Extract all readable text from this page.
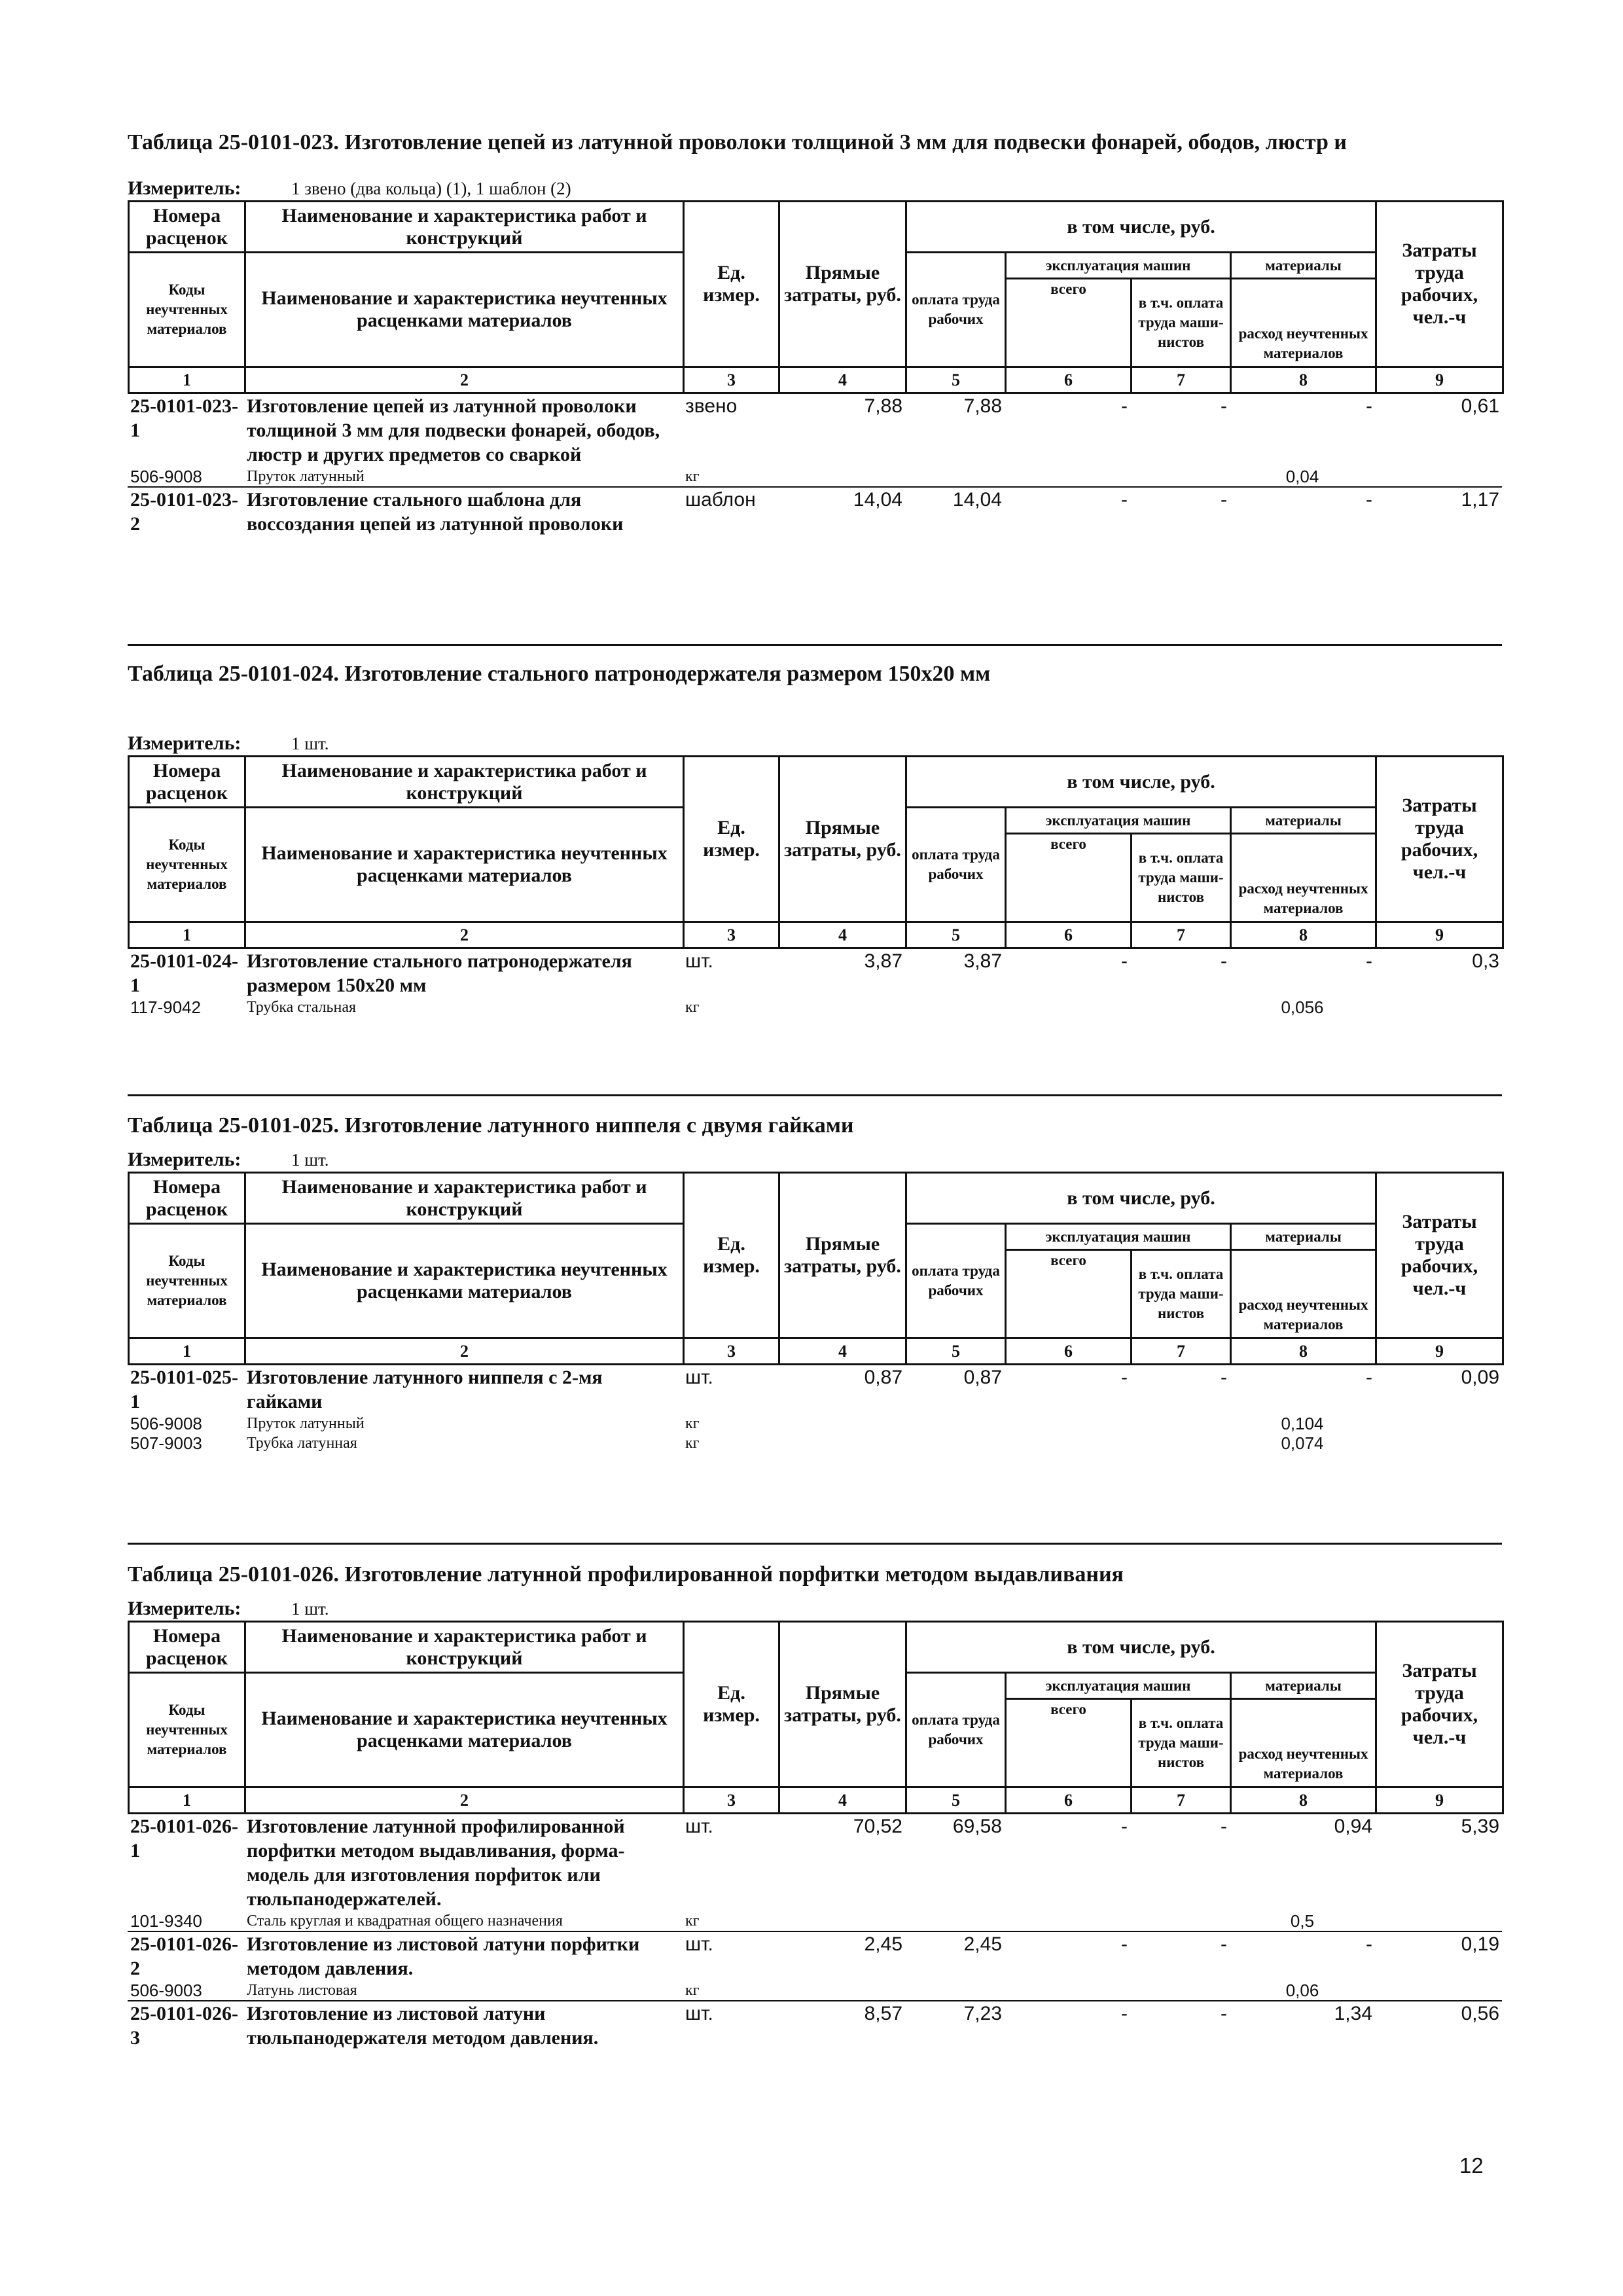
Таблица 25-0101-023. Изготовление цепей из латунной проволоки толщиной 3 мм для подвески фонарей, ободов, люстр и
Измеритель:	1 звено (два кольца) (1), 1 шаблон (2)
Номера расценок	Наименование и характеристика работ и конструкций	Ед. измер.	Прямые затраты, руб.	в том числе, руб.				Затраты труда рабочих, чел.-ч
Коды неучтенных материалов	Наименование и характеристика неучтенных расценками материалов			оплата труда рабочих	эксплуатация машин		материалы	
					всего	в т.ч. оплата труда маши-нистов	расход неучтенных материалов	
1	2	3	4	5	6	7	8	9
25-0101-023-1	Изготовление цепей из латунной проволоки толщиной 3 мм для подвески фонарей, ободов, люстр и других предметов со сваркой	звено	7,88	7,88	-	-	-	0,61
506-9008	Пруток латунный	кг					0,04	
25-0101-023-2	Изготовление стального шаблона для воссоздания цепей из латунной проволоки	шаблон	14,04	14,04	-	-	-	1,17
Таблица 25-0101-024. Изготовление стального патронодержателя размером 150х20 мм
Измеритель:	1 шт.
Номера расценок	Наименование и характеристика работ и конструкций	Ед. измер.	Прямые затраты, руб.	в том числе, руб.				Затраты труда рабочих, чел.-ч
Коды неучтенных материалов	Наименование и характеристика неучтенных расценками материалов			оплата труда рабочих	эксплуатация машин		материалы	
					всего	в т.ч. оплата труда маши-нистов	расход неучтенных материалов	
1	2	3	4	5	6	7	8	9
25-0101-024-1	Изготовление стального патронодержателя размером 150х20 мм	шт.	3,87	3,87	-	-	-	0,3
117-9042	Трубка стальная	кг					0,056	
Таблица 25-0101-025. Изготовление латунного ниппеля с двумя гайками
Измеритель:	1 шт.
Номера расценок	Наименование и характеристика работ и конструкций	Ед. измер.	Прямые затраты, руб.	в том числе, руб.				Затраты труда рабочих, чел.-ч
Коды неучтенных материалов	Наименование и характеристика неучтенных расценками материалов			оплата труда рабочих	эксплуатация машин		материалы	
					всего	в т.ч. оплата труда маши-нистов	расход неучтенных материалов	
1	2	3	4	5	6	7	8	9
25-0101-025-1	Изготовление латунного ниппеля с 2-мя гайками	шт.	0,87	0,87	-	-	-	0,09
506-9008	Пруток латунный	кг					0,104	
507-9003	Трубка латунная	кг					0,074	
Таблица 25-0101-026. Изготовление латунной профилированной порфитки методом выдавливания
Измеритель:	1 шт.
Номера расценок	Наименование и характеристика работ и конструкций	Ед. измер.	Прямые затраты, руб.	в том числе, руб.				Затраты труда рабочих, чел.-ч
Коды неучтенных материалов	Наименование и характеристика неучтенных расценками материалов			оплата труда рабочих	эксплуатация машин		материалы	
					всего	в т.ч. оплата труда маши-нистов	расход неучтенных материалов	
1	2	3	4	5	6	7	8	9
25-0101-026-1	Изготовление латунной профилированной порфитки методом выдавливания, форма-модель для изготовления порфиток или тюльпанодержателей.	шт.	70,52	69,58	-	-	0,94	5,39
101-9340	Сталь круглая и квадратная общего назначения	кг					0,5	
25-0101-026-2	Изготовление из листовой латуни порфитки методом давления.	шт.	2,45	2,45	-	-	-	0,19
506-9003	Латунь листовая	кг					0,06	
25-0101-026-3	Изготовление из листовой латуни тюльпанодержателя методом давления.	шт.	8,57	7,23	-	-	1,34	0,56
12
